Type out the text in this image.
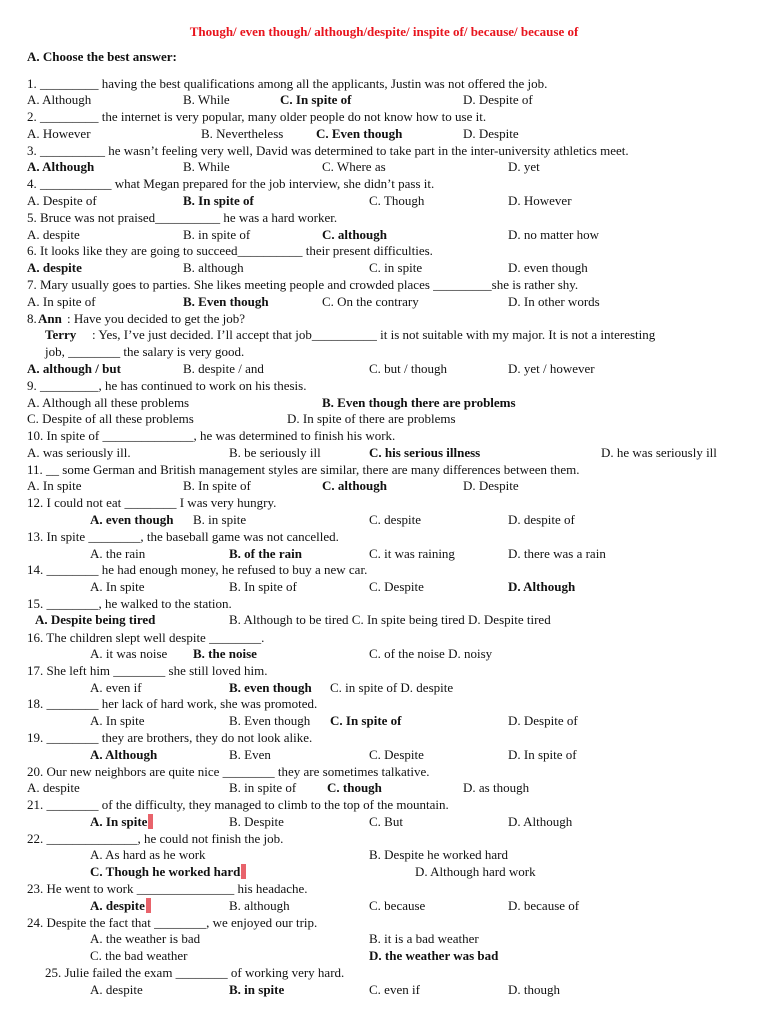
Though/ even though/ although/despite/ inspite of/ because/ because of
A. Choose the best answer:
1. _________ having the best qualifications among all the applicants, Justin was not offered the job.
A. Although	B. While	C. In spite of	D. Despite of
2. _________ the internet is very popular, many older people do not know how to use it.
A. However	B. Nevertheless	C. Even though	D. Despite
3. __________ he wasn’t feeling very well, David was determined to take part in the inter-university athletics meet.
A. Although	B. While	C. Where as	D. yet
4. ___________ what Megan prepared for the job interview, she didn’t pass it.
A. Despite of	B. In spite of	C. Though	D. However
5. Bruce was not praised__________ he was a hard worker.
A. despite	B. in spite of	C. although	D. no matter how
6. It looks like they are going to succeed__________ their present difficulties.
A. despite	B. although	C. in spite	D. even though
7. Mary usually goes to parties. She likes meeting people and crowded places _________she is rather shy.
A. In spite of	B. Even though	C. On the contrary	D. In other words
8. Ann : Have you decided to get the job?
Terry : Yes, I’ve just decided. I’ll accept that job__________ it is not suitable with my major. It is not a interesting
job, ________ the salary is very good.
A. although / but	B. despite / and	C. but / though	D. yet / however
9. _________, he has continued to work on his thesis.
A. Although all these problems	B. Even though there are problems
C. Despite of all these problems	D. In spite of there are problems
10. In spite of ______________, he was determined to finish his work.
A. was seriously ill.	B. be seriously ill	C. his serious illness	D. he was seriously ill
11. __ some German and British management styles are similar, there are many differences between them.
A. In spite	B. In spite of	C. although	D. Despite
12. I could not eat ________ I was very hungry.
A. even though B. in spite	C. despite	D. despite of
13. In spite ________, the baseball game was not cancelled.
A. the rain	B. of the rain	C. it was raining	D. there was a rain
14. ________ he had enough money, he refused to buy a new car.
A. In spite	B. In spite of	C. Despite	D. Although
15. ________, he walked to the station.
A. Despite being tired	B. Although to be tired C. In spite being tired D. Despite tired
16. The children slept well despite ________.
A. it was noise B. the noise	C. of the noise D. noisy
17. She left him ________ she still loved him.
A. even if	B. even though C. in spite of D. despite
18. ________ her lack of hard work, she was promoted.
A. In spite	B. Even though C. In spite of	D. Despite of
19. ________ they are brothers, they do not look alike.
A. Although	B. Even	C. Despite	D. In spite of
20. Our new neighbors are quite nice ________ they are sometimes talkative.
A. despite	B. in spite of C. though	D. as though
21. ________ of the difficulty, they managed to climb to the top of the mountain.
A. In spite	B. Despite	C. But	D. Although
22. ______________, he could not finish the job.
A. As hard as he work	B. Despite he worked hard
C. Though he worked hard	D. Although hard work
23. He went to work _______________ his headache.
A. despite	B. although	C. because	D. because of
24. Despite the fact that ________, we enjoyed our trip.
A. the weather is bad	B. it is a bad weather
C. the bad weather	D. the weather was bad
25. Julie failed the exam ________ of working very hard.
A. despite	B. in spite	C. even if	D. though
